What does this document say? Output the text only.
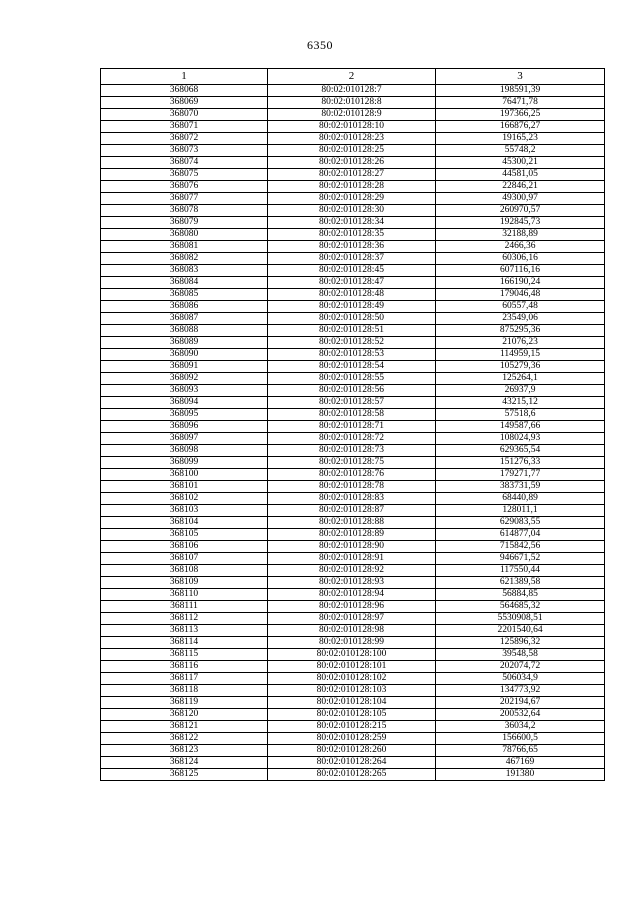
6350
1	2	3
368068	80:02:010128:7	198591,39
368069	80:02:010128:8	76471,78
368070	80:02:010128:9	197366,25
368071	80:02:010128:10	166876,27
368072	80:02:010128:23	19165,23
368073	80:02:010128:25	55748,2
368074	80:02:010128:26	45300,21
368075	80:02:010128:27	44581,05
368076	80:02:010128:28	22846,21
368077	80:02:010128:29	49300,97
368078	80:02:010128:30	260970,57
368079	80:02:010128:34	192845,73
368080	80:02:010128:35	32188,89
368081	80:02:010128:36	2466,36
368082	80:02:010128:37	60306,16
368083	80:02:010128:45	607116,16
368084	80:02:010128:47	166190,24
368085	80:02:010128:48	179046,48
368086	80:02:010128:49	60557,48
368087	80:02:010128:50	23549,06
368088	80:02:010128:51	875295,36
368089	80:02:010128:52	21076,23
368090	80:02:010128:53	114959,15
368091	80:02:010128:54	105279,36
368092	80:02:010128:55	125264,1
368093	80:02:010128:56	26937,9
368094	80:02:010128:57	43215,12
368095	80:02:010128:58	57518,6
368096	80:02:010128:71	149587,66
368097	80:02:010128:72	108024,93
368098	80:02:010128:73	629365,54
368099	80:02:010128:75	151276,33
368100	80:02:010128:76	179271,77
368101	80:02:010128:78	383731,59
368102	80:02:010128:83	68440,89
368103	80:02:010128:87	128011,1
368104	80:02:010128:88	629083,55
368105	80:02:010128:89	614877,04
368106	80:02:010128:90	715842,56
368107	80:02:010128:91	946671,52
368108	80:02:010128:92	117550,44
368109	80:02:010128:93	621389,58
368110	80:02:010128:94	56884,85
368111	80:02:010128:96	564685,32
368112	80:02:010128:97	5530908,51
368113	80:02:010128:98	2201540,64
368114	80:02:010128:99	125896,32
368115	80:02:010128:100	39548,58
368116	80:02:010128:101	202074,72
368117	80:02:010128:102	506034,9
368118	80:02:010128:103	134773,92
368119	80:02:010128:104	202194,67
368120	80:02:010128:105	200532,64
368121	80:02:010128:215	36034,2
368122	80:02:010128:259	156600,5
368123	80:02:010128:260	78766,65
368124	80:02:010128:264	467169
368125	80:02:010128:265	191380
